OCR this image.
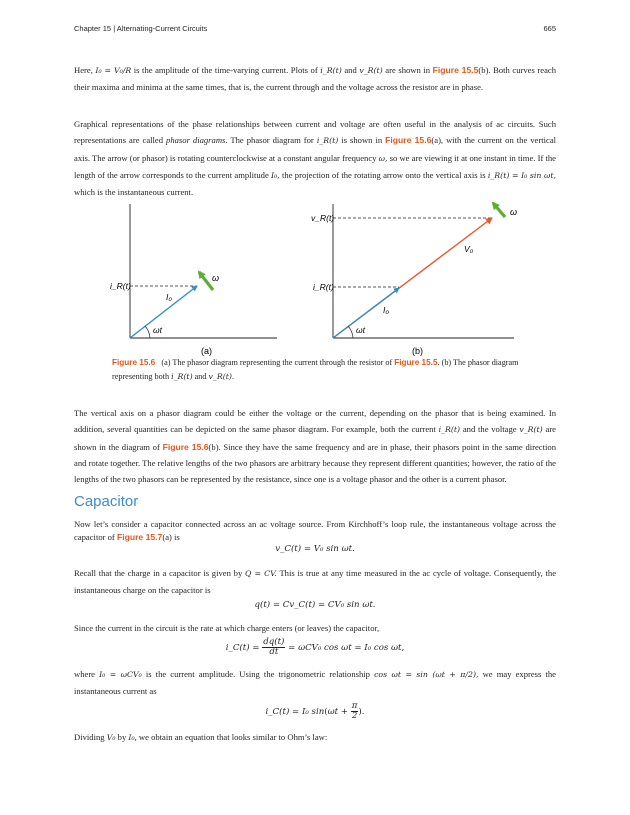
Chapter 15 | Alternating-Current Circuits	665

Here, I₀ = V₀/R is the amplitude of the time-varying current. Plots of i_R(t) and v_R(t) are shown in Figure 15.5(b). Both curves reach their maxima and minima at the same times, that is, the current through and the voltage across the resistor are in phase.

Graphical representations of the phase relationships between current and voltage are often useful in the analysis of ac circuits. Such representations are called phasor diagrams. The phasor diagram for i_R(t) is shown in Figure 15.6(a), with the current on the vertical axis. The arrow (or phasor) is rotating counterclockwise at a constant angular frequency ω, so we are viewing it at one instant in time. If the length of the arrow corresponds to the current amplitude I₀, the projection of the rotating arrow onto the vertical axis is i_R(t) = I₀ sin ωt, which is the instantaneous current.

i_R(t)
I₀
ω
ωt
(a)
v_R(t)
i_R(t)
V₀
I₀
ω
ωt
(b)
Figure 15.6 (a) The phasor diagram representing the current through the resistor of Figure 15.5. (b) The phasor diagram representing both i_R(t) and v_R(t).

The vertical axis on a phasor diagram could be either the voltage or the current, depending on the phasor that is being examined. In addition, several quantities can be depicted on the same phasor diagram. For example, both the current i_R(t) and the voltage v_R(t) are shown in the diagram of Figure 15.6(b). Since they have the same frequency and are in phase, their phasors point in the same direction and rotate together. The relative lengths of the two phasors are arbitrary because they represent different quantities; however, the ratio of the lengths of the two phasors can be represented by the resistance, since one is a voltage phasor and the other is a current phasor.

Capacitor

Now let’s consider a capacitor connected across an ac voltage source. From Kirchhoff’s loop rule, the instantaneous voltage across the capacitor of Figure 15.7(a) is

v_C(t) = V₀ sin ωt.

Recall that the charge in a capacitor is given by Q = CV. This is true at any time measured in the ac cycle of voltage. Consequently, the instantaneous charge on the capacitor is

q(t) = Cv_C(t) = CV₀ sin ωt.

Since the current in the circuit is the rate at which charge enters (or leaves) the capacitor,

i_C(t) = $\frac{dq(t)}{dt} = \omega CV_0$ cos ωt = I₀ cos ωt,

where I₀ = ωCV₀ is the current amplitude. Using the trigonometric relationship cos ωt = sin (ωt + π/2), we may express the instantaneous current as

i_C(t) = I₀ $\sin(\omega t + \frac{\pi}{2}$ ).

Dividing V₀ by I₀, we obtain an equation that looks similar to Ohm’s law:
